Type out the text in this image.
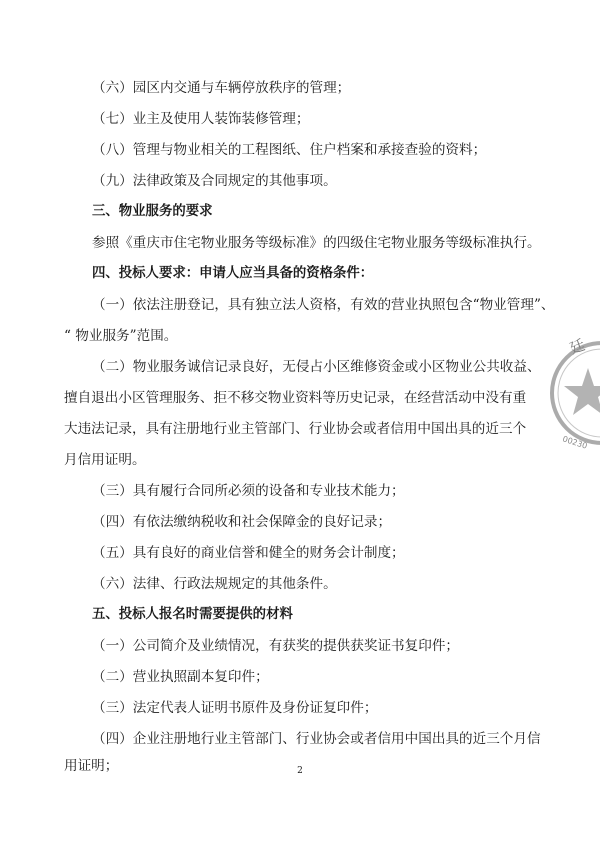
（六）园区内交通与车辆停放秩序的管理；
（七）业主及使用人装饰装修管理；
（八）管理与物业相关的工程图纸、住户档案和承接查验的资料；
（九）法律政策及合同规定的其他事项。
三、物业服务的要求
参照《重庆市住宅物业服务等级标准》的四级住宅物业服务等级标准执行。
四、投标人要求：申请人应当具备的资格条件：
（一）依法注册登记，具有独立法人资格，有效的营业执照包含“物业管理”、
“ 物业服务”范围。
（二）物业服务诚信记录良好，无侵占小区维修资金或小区物业公共收益、
擅自退出小区管理服务、拒不移交物业资料等历史记录，在经营活动中没有重
大违法记录，具有注册地行业主管部门、行业协会或者信用中国出具的近三个
月信用证明。
（三）具有履行合同所必须的设备和专业技术能力；
（四）有依法缴纳税收和社会保障金的良好记录；
（五）具有良好的商业信誉和健全的财务会计制度；
（六）法律、行政法规规定的其他条件。
五、投标人报名时需要提供的材料
（一）公司简介及业绩情况，有获奖的提供获奖证书复印件；
（二）营业执照副本复印件；
（三）法定代表人证明书原件及身份证复印件；
（四）企业注册地行业主管部门、行业协会或者信用中国出具的近三个月信
用证明；	2
廷
00230
